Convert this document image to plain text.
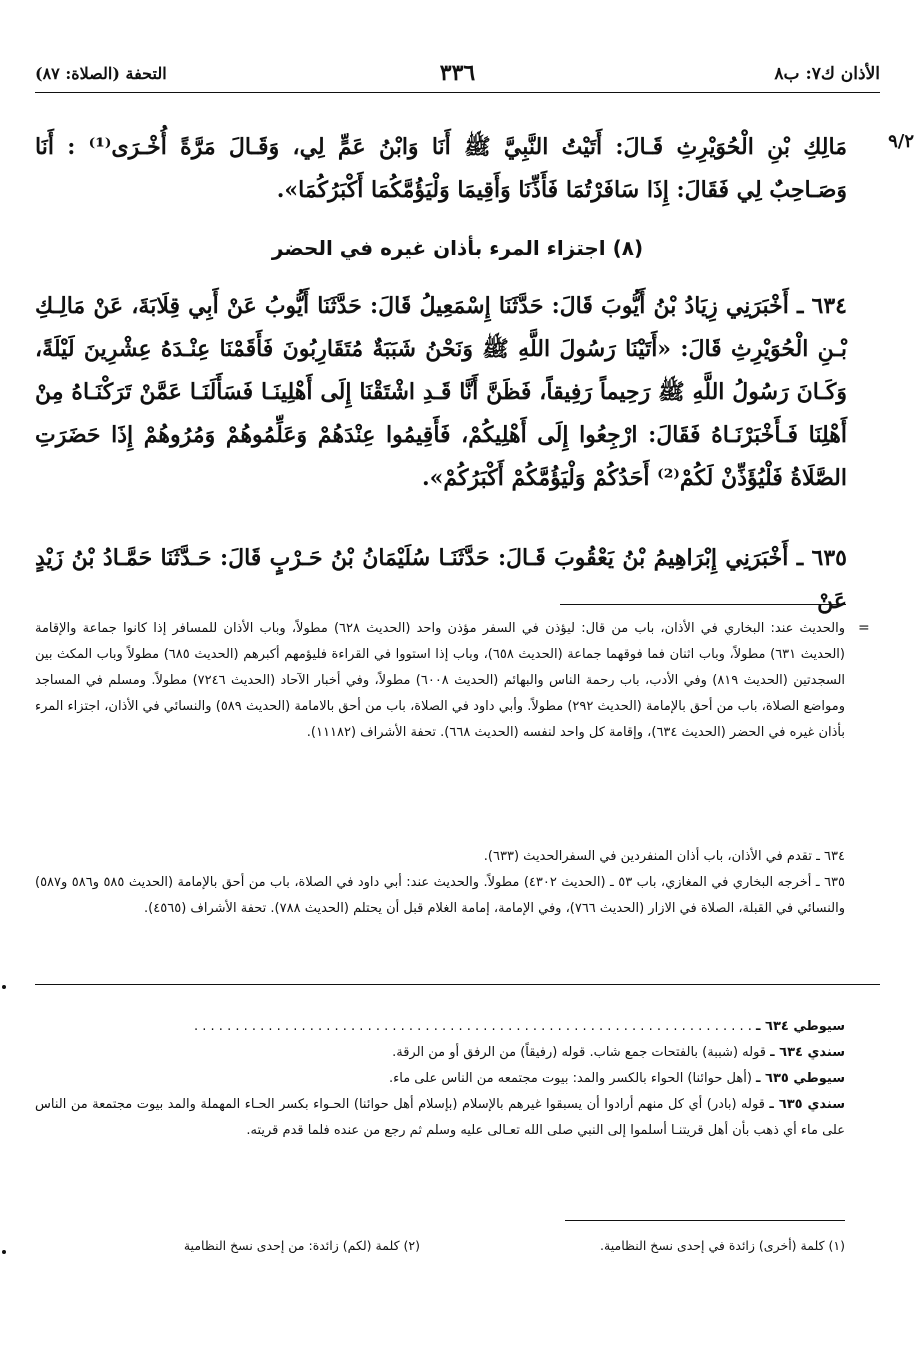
الأذان ك٧: ب٨
٣٣٦
التحفة (الصلاة: ٨٧)
٩/٢
مَالِكِ بْنِ الْحُوَيْرِثِ قَـالَ: أَتَيْتُ النَّبِيَّ ﷺ أَنَا وَابْنُ عَمٍّ لِي، وَقَـالَ مَرَّةً أُخْـرَى⁽¹⁾ : أَنَا وَصَـاحِبٌ لِي فَقَالَ: إِذَا سَافَرْتُمَا فَأَذِّنَا وَأَقِيمَا وَلْيَؤُمَّكُمَا أَكْبَرُكُمَا».
(٨) اجتزاء المرء بأذان غيره في الحضر
٦٣٤ ـ أَخْبَرَنِي زِيَادُ بْنُ أَيُّوبَ قَالَ: حَدَّثَنَا إِسْمَعِيلُ قَالَ: حَدَّثَنَا أَيُّوبُ عَنْ أَبِي قِلَابَةَ، عَنْ مَالِـكِ بْـنِ الْحُوَيْرِثِ قَالَ: «أَتَيْنَا رَسُولَ اللَّهِ ﷺ وَنَحْنُ شَبَبَةٌ مُتَقَارِبُونَ فَأَقَمْنَا عِنْـدَهُ عِشْرِينَ لَيْلَةً، وَكَـانَ رَسُولُ اللَّهِ ﷺ رَحِيماً رَفِيقاً، فَظَنَّ أَنَّا قَـدِ اشْتَقْنَا إِلَى أَهْلِينَـا فَسَأَلَنَـا عَمَّنْ تَرَكْنَـاهُ مِنْ أَهْلِنَا فَـأَخْبَرْنَـاهُ فَقَالَ: ارْجِعُوا إِلَى أَهْلِيكُمْ، فَأَقِيمُوا عِنْدَهُمْ وَعَلِّمُوهُمْ وَمُرُوهُمْ إِذَا حَضَرَتِ الصَّلَاةُ فَلْيُؤَذِّنْ لَكُمْ⁽²⁾ أَحَدُكُمْ وَلْيَؤُمَّكُمْ أَكْبَرُكُمْ».
٦٣٥ ـ أَخْبَرَنِي إِبْرَاهِيمُ بْنُ يَعْقُوبَ قَـالَ: حَدَّثَنَـا سُلَيْمَانُ بْنُ حَـرْبٍ قَالَ: حَـدَّثَنَا حَمَّـادُ بْنُ زَيْدٍ عَنْ
=
والحديث عند: البخاري في الأذان، باب من قال: ليؤذن في السفر مؤذن واحد (الحديث ٦٢٨) مطولاً، وباب الأذان للمسافر إذا كانوا جماعة والإقامة (الحديث ٦٣١) مطولاً، وباب اثنان فما فوقهما جماعة (الحديث ٦٥٨)، وباب إذا استووا في القراءة فليؤمهم أكبرهم (الحديث ٦٨٥) مطولاً وباب المكث بين السجدتين (الحديث ٨١٩) وفي الأدب، باب رحمة الناس والبهائم (الحديث ٦٠٠٨) مطولاً، وفي أخبار الآحاد (الحديث ٧٢٤٦) مطولاً. ومسلم في المساجد ومواضع الصلاة، باب من أحق بالإمامة (الحديث ٢٩٢) مطولاً. وأبي داود في الصلاة، باب من أحق بالامامة (الحديث ٥٨٩) والنسائي في الأذان، اجتزاء المرء بأذان غيره في الحضر (الحديث ٦٣٤)، وإقامة كل واحد لنفسه (الحديث ٦٦٨). تحفة الأشراف (١١١٨٢).
٦٣٤ ـ تقدم في الأذان، باب أذان المنفردين في السفرالحديث (٦٣٣).
٦٣٥ ـ أخرجه البخاري في المغازي، باب ٥٣ ـ (الحديث ٤٣٠٢) مطولاً. والحديث عند: أبي داود في الصلاة، باب من أحق بالإمامة (الحديث ٥٨٥ و٥٨٦ و٥٨٧) والنسائي في القبلة، الصلاة في الازار (الحديث ٧٦٦)، وفي الإمامة، إمامة الغلام قبل أن يحتلم (الحديث ٧٨٨). تحفة الأشراف (٤٥٦٥).
سيوطي ٦٣٤ ـ . . . . . . . . . . . . . . . . . . . . . . . . . . . . . . . . . . . . . . . . . . . . . . . . . . . . . . . . . . . . . . . . . . . .
سندي ٦٣٤ ـ قوله (شببة) بالفتحات جمع شاب. قوله (رفيقاً) من الرفق أو من الرقة.
سيوطي ٦٣٥ ـ (أهل حوائنا) الحواء بالكسر والمد: بيوت مجتمعه من الناس على ماء.
سندي ٦٣٥ ـ قوله (بادر) أي كل منهم أرادوا أن يسبقوا غيرهم بالإسلام (بإسلام أهل حوائنا) الحـواء بكسر الحـاء المهملة والمد بيوت مجتمعة من الناس على ماء أي ذهب بأن أهل قريتنـا أسلموا إلى النبي صلى الله تعـالى عليه وسلم ثم رجع من عنده فلما قدم قريته.
(١) كلمة (أخرى) زائدة في إحدى نسخ النظامية.
(٢) كلمة (لكم) زائدة: من إحدى نسخ النظامية
